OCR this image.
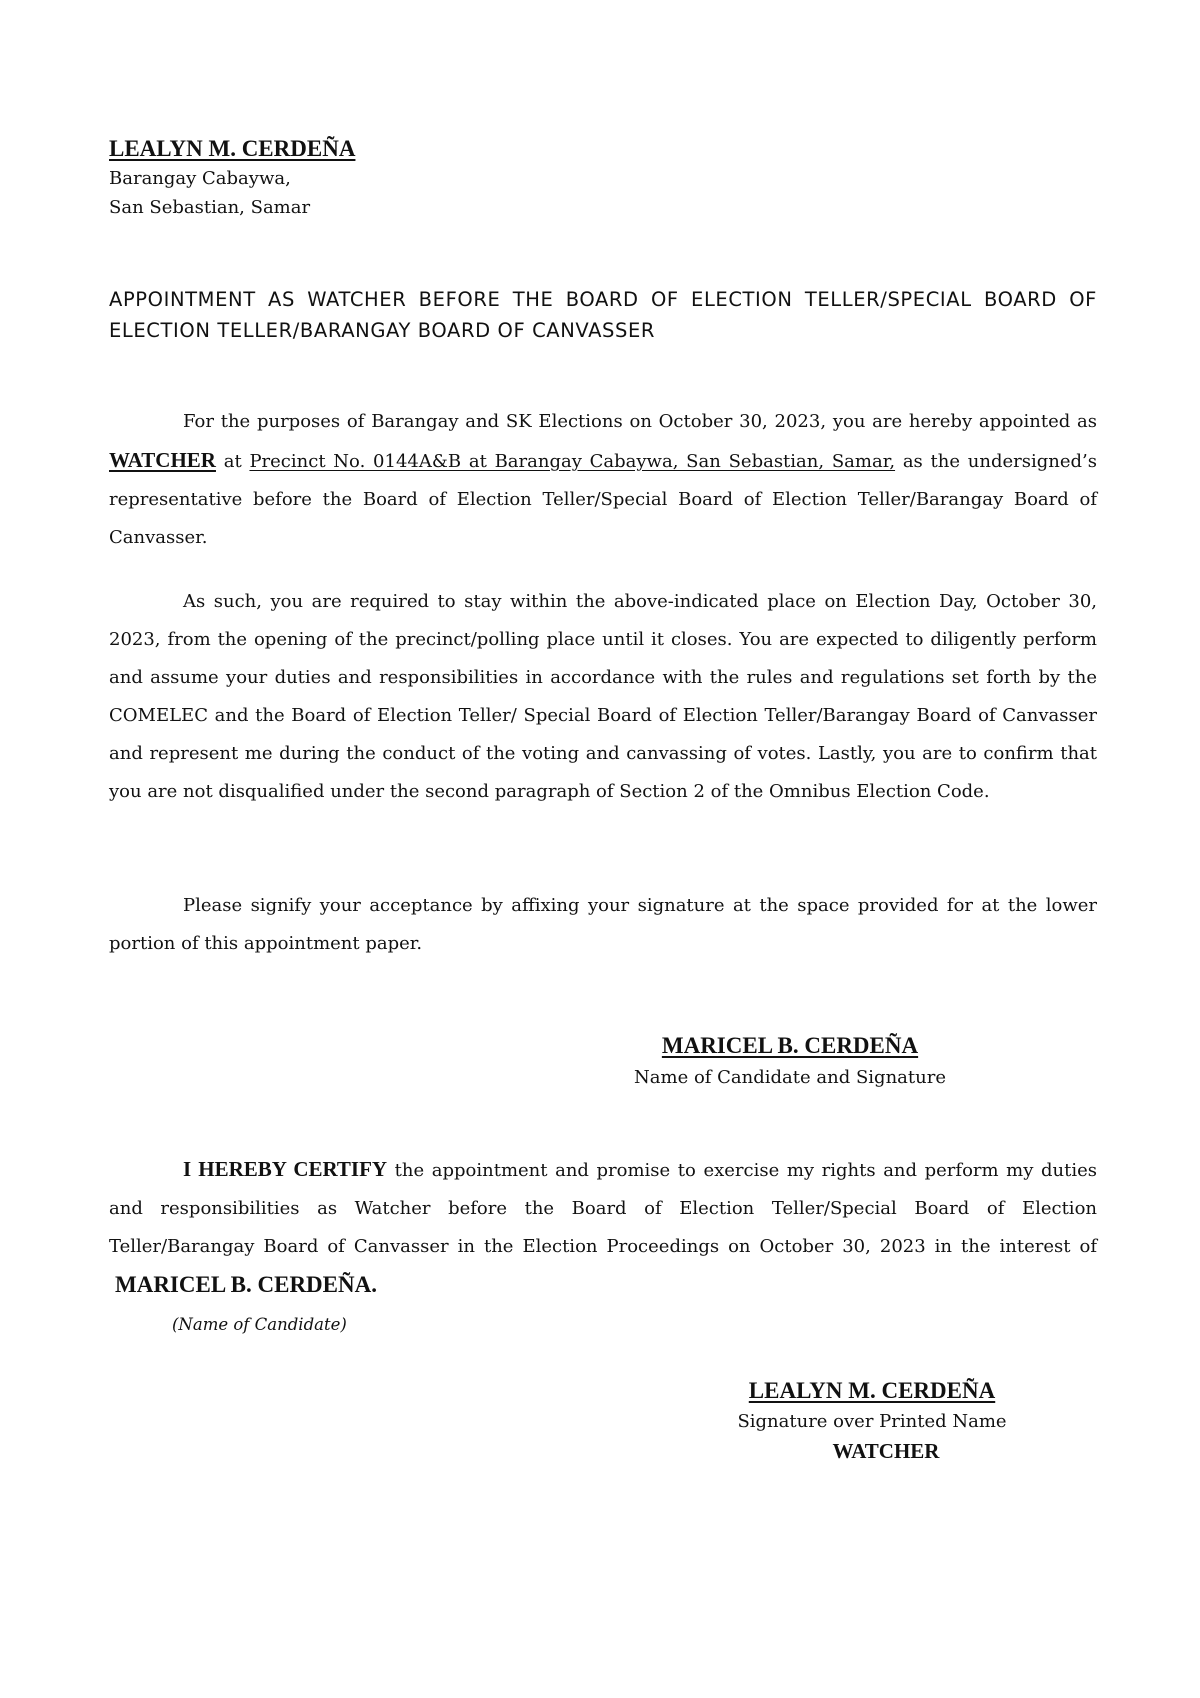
LEALYN M. CERDEÑA
Barangay Cabaywa,
San Sebastian, Samar
APPOINTMENT AS WATCHER BEFORE THE BOARD OF ELECTION TELLER/SPECIAL BOARD OF ELECTION TELLER/BARANGAY BOARD OF CANVASSER
For the purposes of Barangay and SK Elections on October 30, 2023, you are hereby appointed as WATCHER at Precinct No. 0144A&B at Barangay Cabaywa, San Sebastian, Samar, as the undersigned’s representative before the Board of Election Teller/Special Board of Election Teller/Barangay Board of Canvasser.
As such, you are required to stay within the above-indicated place on Election Day, October 30, 2023, from the opening of the precinct/polling place until it closes. You are expected to diligently perform and assume your duties and responsibilities in accordance with the rules and regulations set forth by the COMELEC and the Board of Election Teller/ Special Board of Election Teller/Barangay Board of Canvasser and represent me during the conduct of the voting and canvassing of votes. Lastly, you are to confirm that you are not disqualified under the second paragraph of Section 2 of the Omnibus Election Code.
Please signify your acceptance by affixing your signature at the space provided for at the lower portion of this appointment paper.
MARICEL B. CERDEÑA
Name of Candidate and Signature
I HEREBY CERTIFY the appointment and promise to exercise my rights and perform my duties and responsibilities as Watcher before the Board of Election Teller/Special Board of Election Teller/Barangay Board of Canvasser in the Election Proceedings on October 30, 2023 in the interest of MARICEL B. CERDEÑA.
(Name of Candidate)
LEALYN M. CERDEÑA
Signature over Printed Name
WATCHER
